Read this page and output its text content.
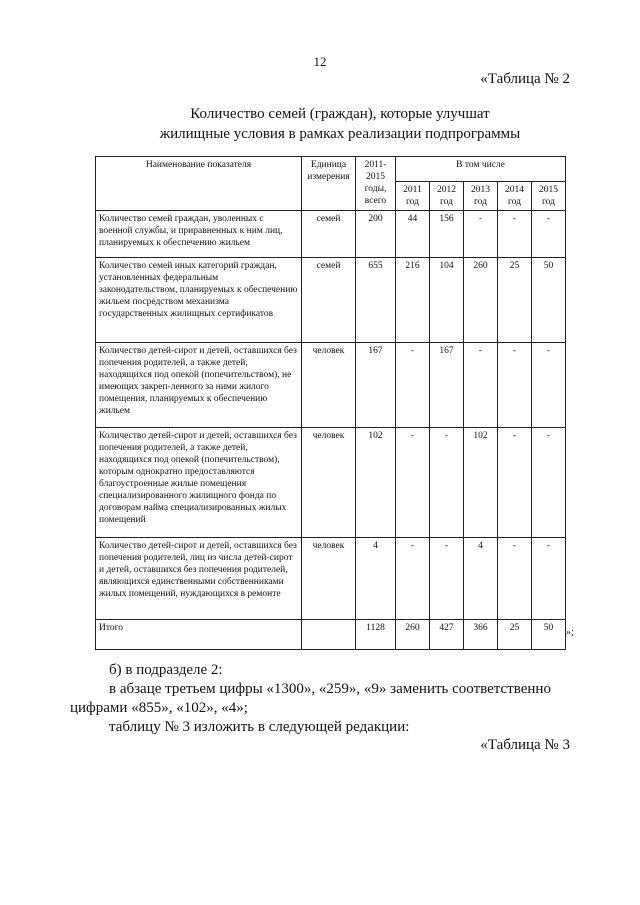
12
«Таблица № 2
Количество семей (граждан), которые улучшат
жилищные условия в рамках реализации подпрограммы
Наименование показателя	Единица измерения	2011-2015 годы, всего	В том числе				
			2011 год	2012 год	2013 год	2014 год	2015 год
Количество семей граждан, уволенных с военной службы, и приравненных к ним лиц, планируемых к обеспечению жильем	семей	200	44	156	-	-	-
Количество семей иных категорий граждан, установленных федеральным законодательством, планируемых к обеспечению жильем посредством механизма государственных жилищных сертификатов	семей	655	216	104	260	25	50
Количество детей-сирот и детей, оставшихся без попечения родителей, а также детей, находящихся под опекой (попечительством), не имеющих закреп-ленного за ними жилого помещения, планируемых к обеспечению жильем	человек	167	-	167	-	-	-
Количество детей-сирот и детей, оставшихся без попечения родителей, а также детей, находящихся под опекой (попечительством), которым однократно предоставляются благоустроенные жилые помещения специализированного жилищного фонда по договорам найма специализированных жилых помещений	человек	102	-	-	102	-	-
Количество детей-сирот и детей, оставшихся без попечения родителей, лиц из числа детей-сирот и детей, оставшихся без попечения родителей, являющихся единственными собственниками жилых помещений, нуждающихся в ремонте	человек	4	-	-	4	-	-
Итого		1128	260	427	366	25	50 »;
б) в подразделе 2:
в абзаце третьем цифры «1300», «259», «9» заменить соответственно
цифрами «855», «102», «4»;
таблицу № 3 изложить в следующей редакции:
«Таблица № 3
